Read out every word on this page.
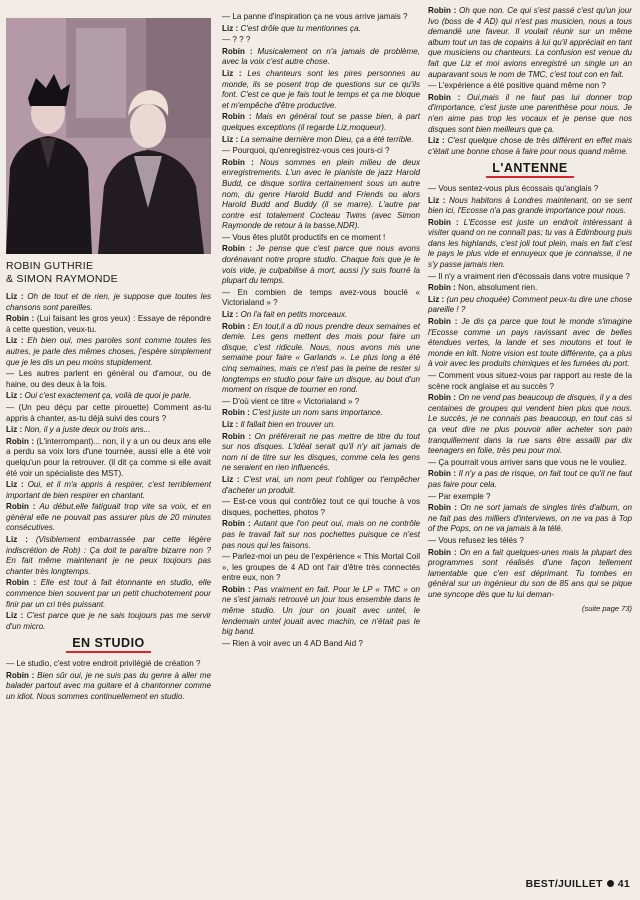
ROBIN GUTHRIE
& SIMON RAYMONDE

Liz : Oh de tout et de rien, je suppose que toutes les chansons sont pareilles.

Robin : (Lui faisant les gros yeux) : Essaye de répondre à cette question, veux-tu.

Liz : Eh bien oui, mes paroles sont comme toutes les autres, je parle des mêmes choses, j'espère simplement que je les dis un peu moins stupidement.

— Les autres parlent en général ou d'amour, ou de haine, ou des deux à la fois.

Liz : Oui c'est exactement ça, voilà de quoi je parle.

— (Un peu déçu par cette pirouette) Comment as-tu appris à chanter, as-tu déjà suivi des cours ?

Liz : Non, il y a juste deux ou trois ans...

Robin : (L'interrompant)... non, il y a un ou deux ans elle a perdu sa voix lors d'une tournée, aussi elle a été voir quelqu'un pour la retrouver. (il dit ça comme si elle avait été voir un spécialiste des MST).

Liz : Oui, et il m'a appris à respirer, c'est terriblement important de bien respirer en chantant.

Robin : Au début,elle fatiguait trop vite sa voix, et en général elle ne pouvait pas assurer plus de 20 minutes consécutives.

Liz : (Visiblement embarrassée par cette légère indiscrétion de Rob) : Ça doit te paraître bizarre non ? En fait même maintenant je ne peux toujours pas chanter très longtemps.

Robin : Elle est tout à fait étonnante en studio, elle commence bien souvent par un petit chuchotement pour finir par un cri très puissant.

Liz : C'est parce que je ne sais toujours pas me servir d'un micro.

EN STUDIO

— Le studio, c'est votre endroit privilégié de création ?

Robin : Bien sûr oui, je ne suis pas du genre à aller me balader partout avec ma guitare et à chantonner comme un idiot. Nous sommes continuellement en studio.

— La panne d'inspiration ça ne vous arrive jamais ?

Liz : C'est drôle que tu mentionnes ça.

— ? ? ?

Robin : Musicalement on n'a jamais de problème, avec la voix c'est autre chose.

Liz : Les chanteurs sont les pires personnes au monde, ils se posent trop de questions sur ce qu'ils font. C'est ce que je fais tout le temps et ça me bloque et m'empêche d'être productive.

Robin : Mais en général tout se passe bien, à part quelques exceptions (il regarde Liz,moqueur).

Liz : La semaine dernière mon Dieu, ça a été terrible.

— Pourquoi, qu'enregistrez-vous ces jours-ci ?

Robin : Nous sommes en plein milieu de deux enregistrements. L'un avec le pianiste de jazz Harold Budd, ce disque sortira certainement sous un autre nom, du genre Harold Budd and Friends ou alors Harold Budd and Buddy (il se marre). L'autre par contre est totalement Cocteau Twins (avec Simon Raymonde de retour à la basse,NDR).

— Vous êtes plutôt productifs en ce moment !

Robin : Je pense que c'est parce que nous avons dorénavant notre propre studio. Chaque fois que je le vois vide, je culpabilise à mort, aussi j'y suis fourré la plupart du temps.

— En combien de temps avez-vous bouclé « Victorialand » ?

Liz : On l'a fait en petits morceaux.

Robin : En tout,il a dû nous prendre deux semaines et demie. Les gens mettent des mois pour faire un disque, c'est ridicule. Nous, nous avons mis une semaine pour faire « Garlands ». Le plus long a été cinq semaines, mais ce n'est pas la peine de rester si longtemps en studio pour faire un disque, au bout d'un moment on risque de tourner en rond.

— D'où vient ce titre « Victorialand » ?

Robin : C'est juste un nom sans importance.

Liz : Il fallait bien en trouver un.

Robin : On préférerait ne pas mettre de titre du tout sur nos disques. L'idéal serait qu'il n'y ait jamais de nom ni de titre sur les disques, comme cela les gens ne seraient en rien influencés.

Liz : C'est vrai, un nom peut t'obliger ou t'empêcher d'acheter un produit.

— Est-ce vous qui contrôlez tout ce qui touche à vos disques, pochettes, photos ?

Robin : Autant que l'on peut oui, mais on ne contrôle pas le travail fait sur nos pochettes puisque ce n'est pas nous qui les faisons.

— Parlez-moi un peu de l'expérience « This Mortal Coil », les groupes de 4 AD ont l'air d'être très connectés entre eux, non ?

Robin : Pas vraiment en fait. Pour le LP « TMC » on ne s'est jamais retrouvé un jour tous ensemble dans le même studio. Un jour on jouait avec untel, le lendemain untel jouait avec machin, ce n'était pas le big band.

— Rien à voir avec un 4 AD Band Aid ?

Robin : Oh que non. Ce qui s'est passé c'est qu'un jour Ivo (boss de 4 AD) qui n'est pas musicien, nous a tous demandé une faveur. Il voulait réunir sur un même album tout un tas de copains à lui qu'il appréciait en tant que musiciens ou chanteurs. La confusion est venue du fait que Liz et moi avions enregistré un single un an auparavant sous le nom de TMC, c'est tout con en fait.

— L'expérience a été positive quand même non ?

Robin : Oui,mais il ne faut pas lui donner trop d'importance, c'est juste une parenthèse pour nous. Je n'en aime pas trop les vocaux et je pense que nos disques sont bien meilleurs que ça.

Liz : C'est quelque chose de très différent en effet mais c'était une bonne chose à faire pour nous quand même.

L'ANTENNE

— Vous sentez-vous plus écossais qu'anglais ?

Liz : Nous habitons à Londres maintenant, on se sent bien ici, l'Ecosse n'a pas grande importance pour nous.

Robin : L'Ecosse est juste un endroit intéressant à visiter quand on ne connaît pas; tu vas à Edimbourg puis dans les highlands, c'est joli tout plein, mais en fait c'est le pays le plus vide et ennuyeux que je connaisse, il ne s'y passe jamais rien.

— Il n'y a vraiment rien d'écossais dans votre musique ?

Robin : Non, absolument rien.

Liz : (un peu choquée) Comment peux-tu dire une chose pareille ! ?

Robin : Je dis ça parce que tout le monde s'imagine l'Ecosse comme un pays ravissant avec de belles étendues vertes, la lande et ses moutons et tout le monde en kilt. Notre vision est toute différente, ça a plus à voir avec les produits chimiques et les fumées du port.

— Comment vous situez-vous par rapport au reste de la scène rock anglaise et au succès ?

Robin : On ne vend pas beaucoup de disques, il y a des centaines de groupes qui vendent bien plus que nous. Le succès, je ne connais pas beaucoup, en tout cas si ça veut dire ne plus pouvoir aller acheter son pain tranquillement dans la rue sans être assailli par dix teenagers en folie, très peu pour moi.

— Ça pourrait vous arriver sans que vous ne le vouliez.

Robin : Il n'y a pas de risque, on fait tout ce qu'il ne faut pas faire pour cela.

— Par exemple ?

Robin : On ne sort jamais de singles tirés d'album, on ne fait pas des milliers d'interviews, on ne va pas à Top of the Pops, on ne va jamais à la télé.

— Vous refusez les télés ?

Robin : On en a fait quelques-unes mais la plupart des programmes sont réalisés d'une façon tellement lamentable que c'en est déprimant. Tu tombes en général sur un ingénieur du son de 85 ans qui se pique une syncope dès que tu lui deman-

(suite page 73)
BEST/JUILLET 41
